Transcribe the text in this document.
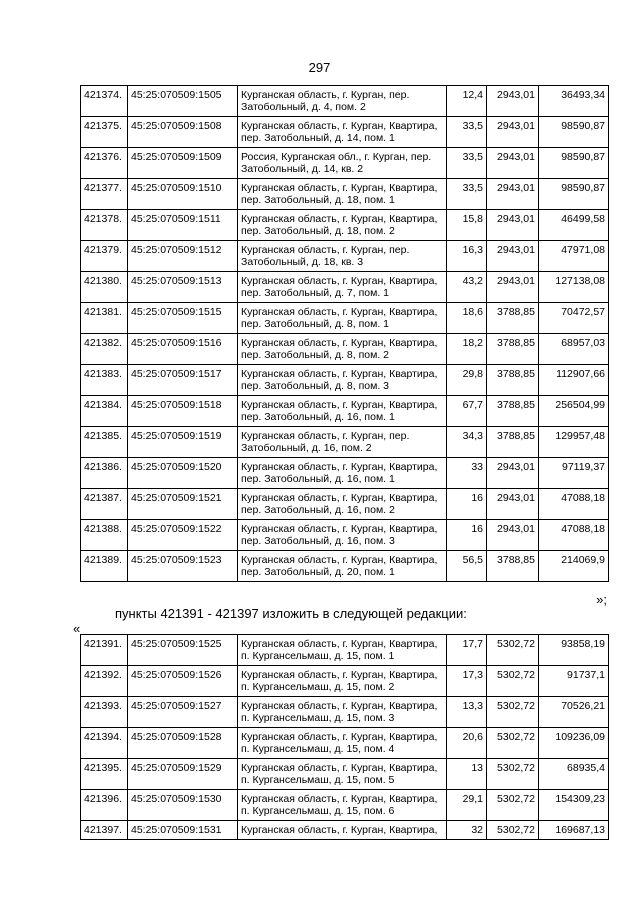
297
421374.	45:25:070509:1505	Курганская область, г. Курган, пер. Затобольный, д. 4, пом. 2	12,4	2943,01	36493,34
421375.	45:25:070509:1508	Курганская область, г. Курган, Квартира, пер. Затобольный, д. 14, пом. 1	33,5	2943,01	98590,87
421376.	45:25:070509:1509	Россия, Курганская обл., г. Курган, пер. Затобольный, д. 14, кв. 2	33,5	2943,01	98590,87
421377.	45:25:070509:1510	Курганская область, г. Курган, Квартира, пер. Затобольный, д. 18, пом. 1	33,5	2943,01	98590,87
421378.	45:25:070509:1511	Курганская область, г. Курган, Квартира, пер. Затобольный, д. 18, пом. 2	15,8	2943,01	46499,58
421379.	45:25:070509:1512	Курганская область, г. Курган, пер. Затобольный, д. 18, кв. 3	16,3	2943,01	47971,08
421380.	45:25:070509:1513	Курганская область, г. Курган, Квартира, пер. Затобольный, д. 7, пом. 1	43,2	2943,01	127138,08
421381.	45:25:070509:1515	Курганская область, г. Курган, Квартира, пер. Затобольный, д. 8, пом. 1	18,6	3788,85	70472,57
421382.	45:25:070509:1516	Курганская область, г. Курган, Квартира, пер. Затобольный, д. 8, пом. 2	18,2	3788,85	68957,03
421383.	45:25:070509:1517	Курганская область, г. Курган, Квартира, пер. Затобольный, д. 8, пом. 3	29,8	3788,85	112907,66
421384.	45:25:070509:1518	Курганская область, г. Курган, Квартира, пер. Затобольный, д. 16, пом. 1	67,7	3788,85	256504,99
421385.	45:25:070509:1519	Курганская область, г. Курган, пер. Затобольный, д. 16, пом. 2	34,3	3788,85	129957,48
421386.	45:25:070509:1520	Курганская область, г. Курган, Квартира, пер. Затобольный, д. 16, пом. 1	33	2943,01	97119,37
421387.	45:25:070509:1521	Курганская область, г. Курган, Квартира, пер. Затобольный, д. 16, пом. 2	16	2943,01	47088,18
421388.	45:25:070509:1522	Курганская область, г. Курган, Квартира, пер. Затобольный, д. 16, пом. 3	16	2943,01	47088,18
421389.	45:25:070509:1523	Курганская область, г. Курган, Квартира, пер. Затобольный, д. 20, пом. 1	56,5	3788,85	214069,9
»;
пункты 421391 - 421397 изложить в следующей редакции:
«
421391.	45:25:070509:1525	Курганская область, г. Курган, Квартира, п. Кургансельмаш, д. 15, пом. 1	17,7	5302,72	93858,19
421392.	45:25:070509:1526	Курганская область, г. Курган, Квартира, п. Кургансельмаш, д. 15, пом. 2	17,3	5302,72	91737,1
421393.	45:25:070509:1527	Курганская область, г. Курган, Квартира, п. Кургансельмаш, д. 15, пом. 3	13,3	5302,72	70526,21
421394.	45:25:070509:1528	Курганская область, г. Курган, Квартира, п. Кургансельмаш, д. 15, пом. 4	20,6	5302,72	109236,09
421395.	45:25:070509:1529	Курганская область, г. Курган, Квартира, п. Кургансельмаш, д. 15, пом. 5	13	5302,72	68935,4
421396.	45:25:070509:1530	Курганская область, г. Курган, Квартира, п. Кургансельмаш, д. 15, пом. 6	29,1	5302,72	154309,23
421397.	45:25:070509:1531	Курганская область, г. Курган, Квартира,	32	5302,72	169687,13
